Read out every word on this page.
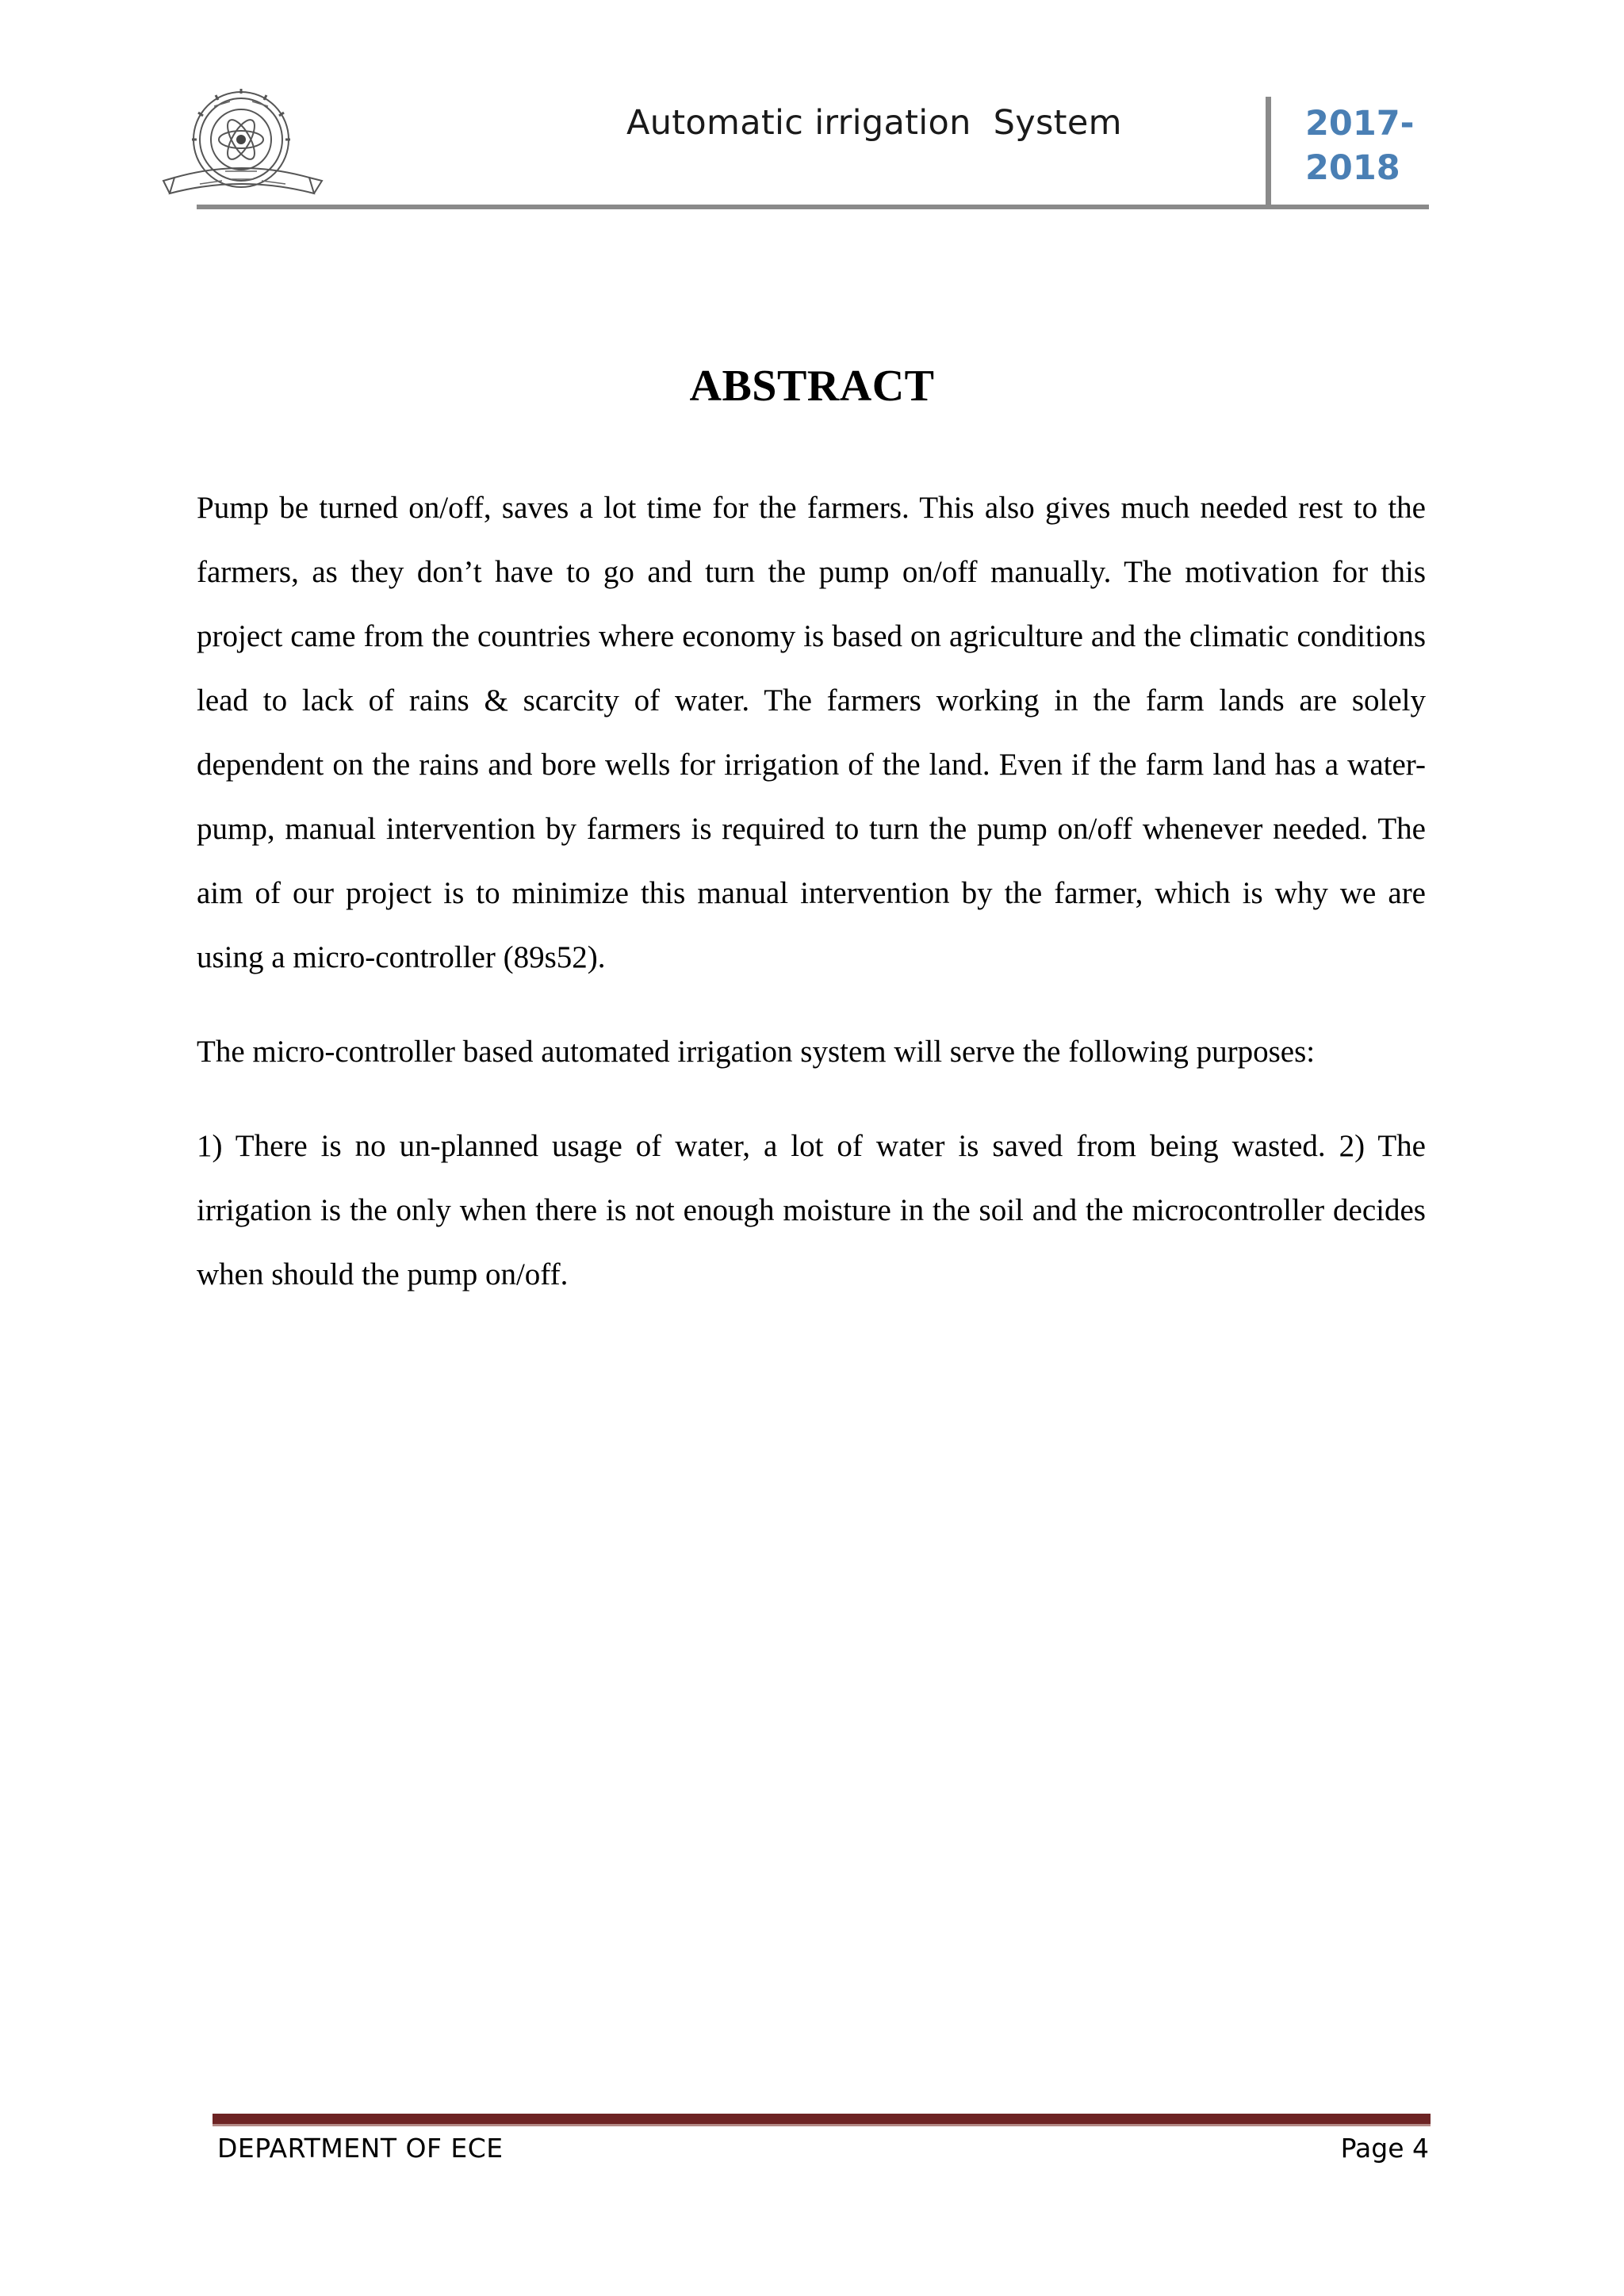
Automatic irrigation  System	2017-
2018
ABSTRACT

Pump be turned on/off, saves a lot time for the farmers. This also gives much needed rest to the farmers, as they don’t have to go and turn the pump on/off manually. The motivation for this project came from the countries where economy is based on agriculture and the climatic conditions lead to lack of rains & scarcity of water. The farmers working in the farm lands are solely dependent on the rains and bore wells for irrigation of the land. Even if the farm land has a water-pump, manual intervention by farmers is required to turn the pump on/off whenever needed. The aim of our project is to minimize this manual intervention by the farmer, which is why we are using a micro-controller (89s52).

The micro-controller based automated irrigation system will serve the following purposes:

1) There is no un-planned usage of water, a lot of water is saved from being wasted. 2) The irrigation is the only when there is not enough moisture in the soil and the microcontroller decides when should the pump on/off.

DEPARTMENT OF ECE	Page 4
